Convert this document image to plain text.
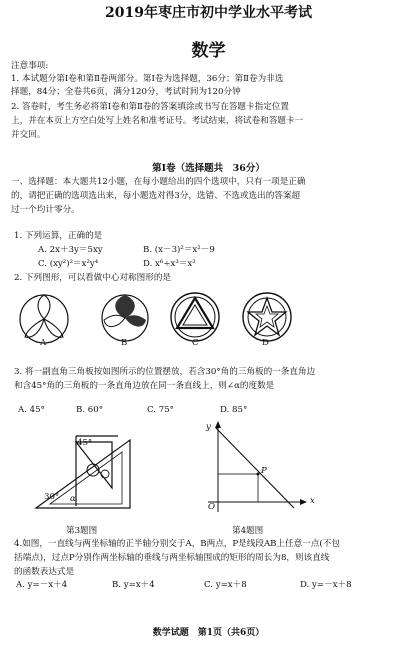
2019年枣庄市初中学业水平考试
数学
注意事项:
1. 本试题分第Ⅰ卷和第Ⅱ卷两部分。第Ⅰ卷为选择题，36分；第Ⅱ卷为非选
择题，84分；全卷共6页，满分120分，考试时间为120分钟
2. 答卷时，考生务必将第Ⅰ卷和第Ⅱ卷的答案填涂或书写在答题卡指定位置
上，并在本页上方空白处写上姓名和准考证号。考试结束，将试卷和答题卡一
并交回。
第Ⅰ卷（选择题共　36分）
一、选择题：本大题共12小题，在每小题给出的四个选项中，只有一项是正确
的，请把正确的选项选出来，每小题选对得3分，选错、不选或选出的答案超
过一个均计零分。
1. 下列运算，正确的是
A. 2x＋3y＝5xy	B. (x－3)²＝x²－9
C. (xy²)²＝x²y⁴	D. x⁶÷x³＝x²
2. 下列图形，可以看做中心对称图形的是
A	B	C	D
3. 将一副直角三角板按如图所示的位置摆放，若含30°角的三角板的一条直角边
和含45°角的三角板的一条直角边放在同一条直线上，则∠α的度数是
A. 45°	B. 60°	C. 75°	D. 85°
45°
30° α
第3题图
y
x
P
O
第4题图
4.如图，一直线与两坐标轴的正半轴分别交于A，B两点，P是线段AB上任意一点(不包
括端点)，过点P分别作两坐标轴的垂线与两坐标轴围成的矩形的周长为8，则该直线
的函数表达式是
A. y=－x＋4	B. y=x＋4	C. y=x＋8	D. y=－x＋8
数学试题　第1页（共6页）
